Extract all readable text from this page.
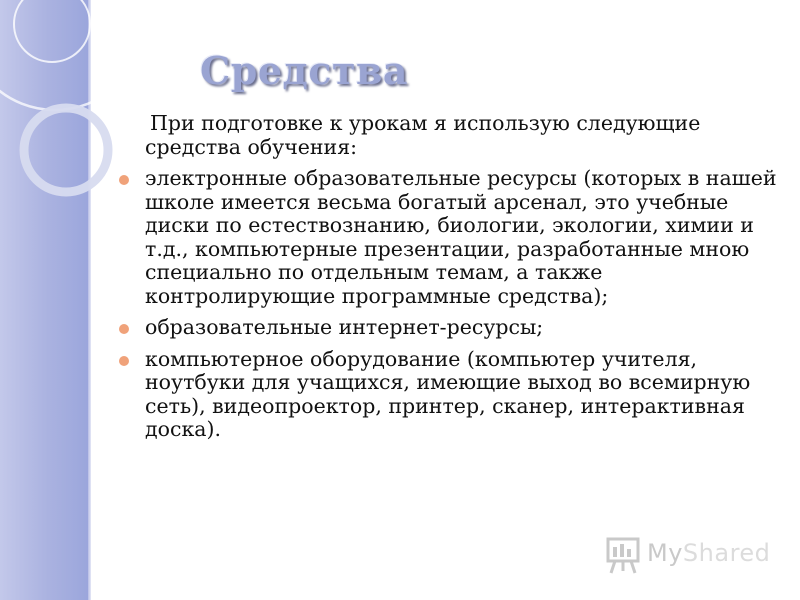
Средства

При подготовке к урокам я использую следующие средства обучения:

электронные образовательные ресурсы (которых в нашей школе имеется весьма богатый арсенал, это учебные диски по естествознанию, биологии, экологии, химии и т.д., компьютерные презентации, разработанные мною специально по отдельным темам, а также контролирующие программные средства);
образовательные интернет-ресурсы;
компьютерное оборудование (компьютер учителя, ноутбуки для учащихся, имеющие выход во всемирную сеть), видеопроектор, принтер, сканер, интерактивная доска).
MyShared
